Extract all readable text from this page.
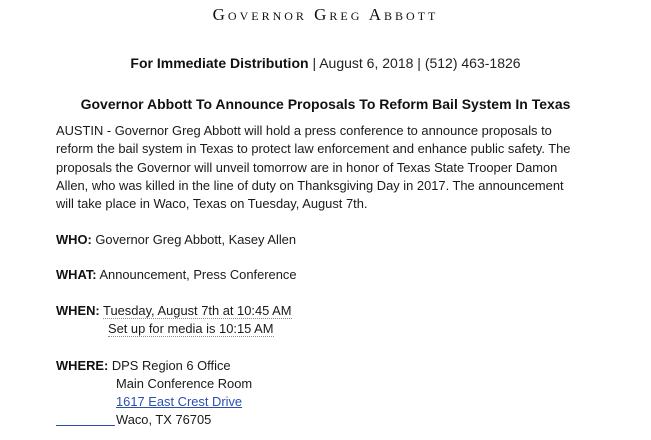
Governor Greg Abbott
For Immediate Distribution | August 6, 2018 | (512) 463-1826
Governor Abbott To Announce Proposals To Reform Bail System In Texas
AUSTIN - Governor Greg Abbott will hold a press conference to announce proposals to
reform the bail system in Texas to protect law enforcement and enhance public safety. The
proposals the Governor will unveil tomorrow are in honor of Texas State Trooper Damon
Allen, who was killed in the line of duty on Thanksgiving Day in 2017. The announcement
will take place in Waco, Texas on Tuesday, August 7th.
WHO: Governor Greg Abbott, Kasey Allen
WHAT: Announcement, Press Conference
WHEN: Tuesday, August 7th at 10:45 AM
Set up for media is 10:15 AM
WHERE: DPS Region 6 Office
Main Conference Room
1617 East Crest Drive
Waco, TX 76705
